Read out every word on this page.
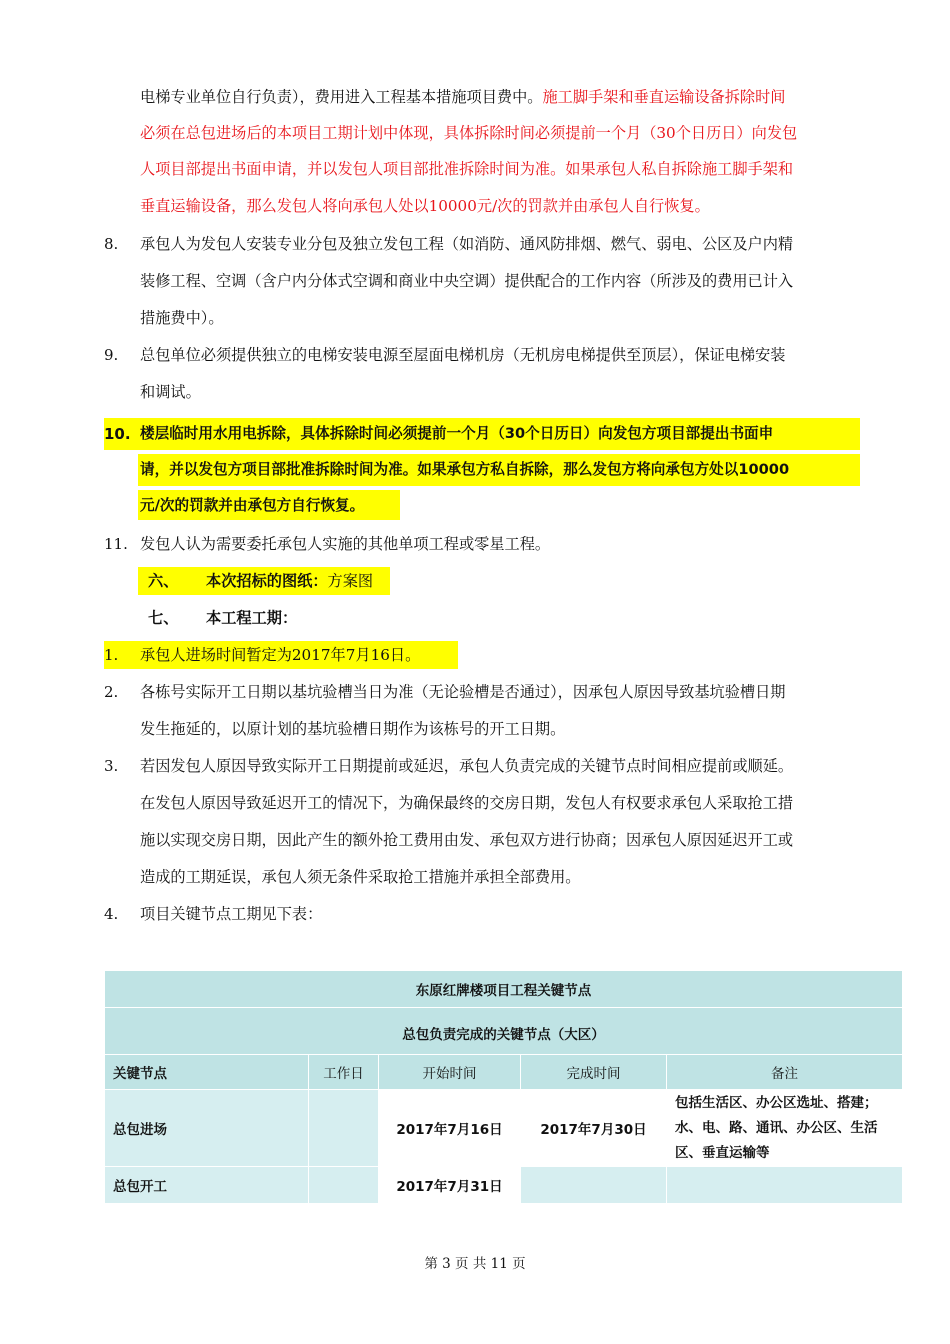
电梯专业单位自行负责），费用进入工程基本措施项目费中。施工脚手架和垂直运输设备拆除时间
必须在总包进场后的本项目工期计划中体现，具体拆除时间必须提前一个月（30个日历日）向发包
人项目部提出书面申请，并以发包人项目部批准拆除时间为准。如果承包人私自拆除施工脚手架和
垂直运输设备，那么发包人将向承包人处以10000元/次的罚款并由承包人自行恢复。
8. 承包人为发包人安装专业分包及独立发包工程（如消防、通风防排烟、燃气、弱电、公区及户内精
装修工程、空调（含户内分体式空调和商业中央空调）提供配合的工作内容（所涉及的费用已计入
措施费中）。
9. 总包单位必须提供独立的电梯安装电源至屋面电梯机房（无机房电梯提供至顶层），保证电梯安装
和调试。
10. 楼层临时用水用电拆除，具体拆除时间必须提前一个月（30个日历日）向发包方项目部提出书面申
请，并以发包方项目部批准拆除时间为准。如果承包方私自拆除，那么发包方将向承包方处以10000
元/次的罚款并由承包方自行恢复。
11. 发包人认为需要委托承包人实施的其他单项工程或零星工程。
六、 本次招标的图纸：方案图
七、 本工程工期：
1. 承包人进场时间暂定为2017年7月16日。
2. 各栋号实际开工日期以基坑验槽当日为准（无论验槽是否通过），因承包人原因导致基坑验槽日期
发生拖延的，以原计划的基坑验槽日期作为该栋号的开工日期。
3. 若因发包人原因导致实际开工日期提前或延迟，承包人负责完成的关键节点时间相应提前或顺延。
在发包人原因导致延迟开工的情况下，为确保最终的交房日期，发包人有权要求承包人采取抢工措
施以实现交房日期，因此产生的额外抢工费用由发、承包双方进行协商；因承包人原因延迟开工或
造成的工期延误，承包人须无条件采取抢工措施并承担全部费用。
4. 项目关键节点工期见下表：
东原红牌楼项目工程关键节点				
总包负责完成的关键节点（大区）				
关键节点	工作日	开始时间	完成时间	备注
总包进场		2017年7月16日	2017年7月30日	包括生活区、办公区选址、搭建；水、电、路、通讯、办公区、生活区、垂直运输等
总包开工		2017年7月31日		
第 3 页 共 11 页
